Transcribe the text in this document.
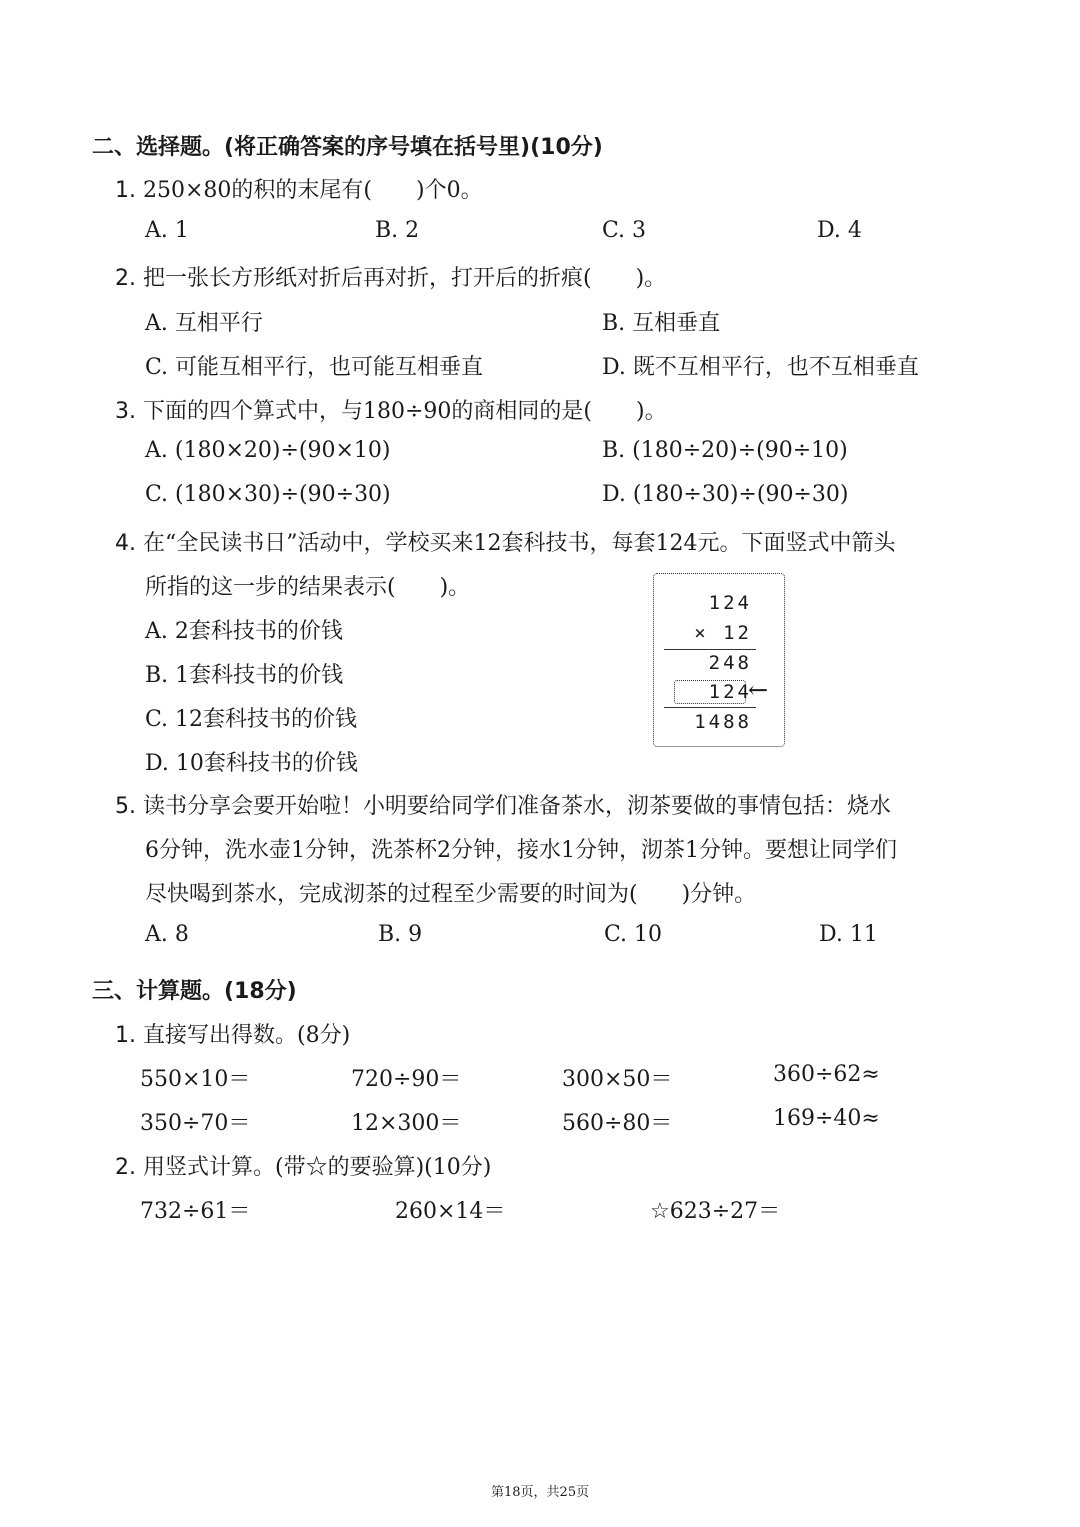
二、选择题。(将正确答案的序号填在括号里)(10分)
1. 250×80的积的末尾有(　　)个0。
A. 1	B. 2	C. 3	D. 4
2. 把一张长方形纸对折后再对折，打开后的折痕(　　)。
A. 互相平行	B. 互相垂直
C. 可能互相平行，也可能互相垂直	D. 既不互相平行，也不互相垂直
3. 下面的四个算式中，与180÷90的商相同的是(　　)。
A. (180×20)÷(90×10)	B. (180÷20)÷(90÷10)
C. (180×30)÷(90÷30)	D. (180÷30)÷(90÷30)
4. 在“全民读书日”活动中，学校买来12套科技书，每套124元。下面竖式中箭头
所指的这一步的结果表示(　　)。
A. 2套科技书的价钱
B. 1套科技书的价钱
C. 12套科技书的价钱
D. 10套科技书的价钱
124
× 12
248
124
←
1488
5. 读书分享会要开始啦！小明要给同学们准备茶水，沏茶要做的事情包括：烧水
6分钟，洗水壶1分钟，洗茶杯2分钟，接水1分钟，沏茶1分钟。要想让同学们
尽快喝到茶水，完成沏茶的过程至少需要的时间为(　　)分钟。
A. 8	B. 9	C. 10	D. 11
三、计算题。(18分)
1. 直接写出得数。(8分)
550×10＝	720÷90＝	300×50＝	360÷62≈
350÷70＝	12×300＝	560÷80＝	169÷40≈
2. 用竖式计算。(带☆的要验算)(10分)
732÷61＝	260×14＝	☆623÷27＝
第18页，共25页
